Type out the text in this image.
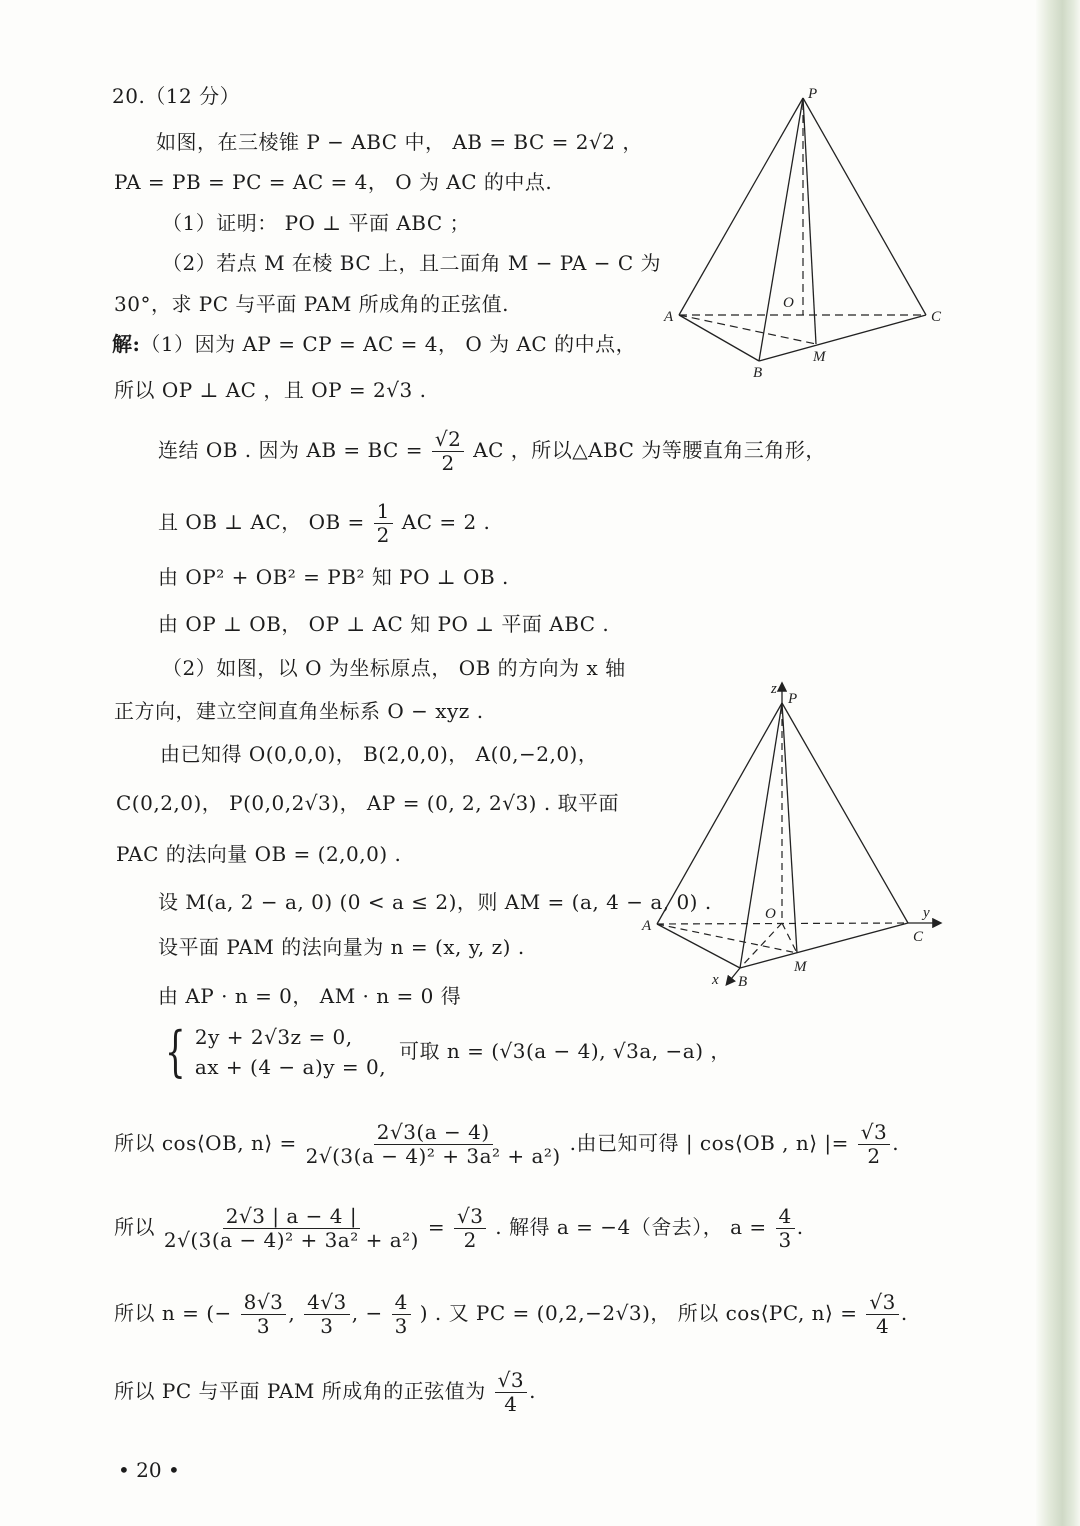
20.（12 分）
如图，在三棱锥 P − ABC 中， AB = BC = 2√2 ，
PA = PB = PC = AC = 4， O 为 AC 的中点.
（1）证明： PO ⊥ 平面 ABC ；
（2）若点 M 在棱 BC 上，且二面角 M − PA − C 为
30°，求 PC 与平面 PAM 所成角的正弦值.
解:（1）因为 AP = CP = AC = 4， O 为 AC 的中点，
所以 OP ⊥ AC ，且 OP = 2√3 .
连结 OB . 因为 AB = BC = $\frac{√2}{2}$ AC ，所以△ABC 为等腰直角三角形，
且 OB ⊥ AC， OB = $\frac{1}{2}$ AC = 2 .
由 OP² + OB² = PB² 知 PO ⊥ OB .
由 OP ⊥ OB， OP ⊥ AC 知 PO ⊥ 平面 ABC .
（2）如图，以 O 为坐标原点， OB 的方向为 x 轴
正方向，建立空间直角坐标系 O − xyz .
由已知得 O(0,0,0)， B(2,0,0)， A(0,−2,0)，
C(0,2,0)， P(0,0,2√3)， AP = (0, 2, 2√3) . 取平面
PAC 的法向量 OB = (2,0,0) .
设 M(a, 2 − a, 0) (0 < a ≤ 2)，则 AM = (a, 4 − a, 0) .
设平面 PAM 的法向量为 n = (x, y, z) .
由 AP · n = 0， AM · n = 0 得
{ 2y + 2√3z = 0,
ax + (4 − a)y = 0,
可取 n = (√3(a − 4), √3a, −a) ，
所以 cos⟨OB, n⟩ = $\frac{2√3(a - 4)}{\text{2√(3(a − 4)² + 3a² + a²)}}$ .由已知可得 | cos⟨OB , n⟩ |= $\frac{√3}{2}$ .
所以 $\frac{2√3 | a - 4 |}{\text{2√(3(a − 4)² + 3a² + a²)}} = \frac{√3}{2}$ . 解得 a = −4（舍去）， $a = \frac{4}{3}$ .
所以 n = (− $\frac{8√3}{3}$ , $\frac{4√3}{3}$ , − $\frac{4}{3}$ ) . 又 PC = (0,2,−2√3)， 所以 cos⟨PC, n⟩ = $\frac{√3}{4}$ .
所以 PC 与平面 PAM 所成角的正弦值为 $\frac{√3}{4}$ .
P
A	C
O
B
M
z
P
A
C
y
O
B
x
M
• 20 •
